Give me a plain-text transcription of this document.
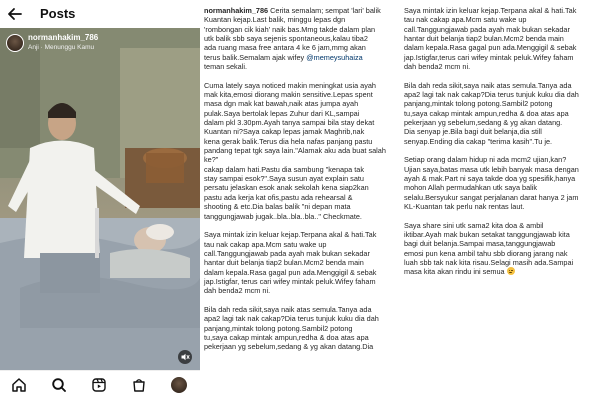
Posts
normanhakim_786
Anji · Menunggu Kamu

normanhakim_786 Cerita semalam; sempat 'lari' balik
Kuantan kejap.Last balik, minggu lepas dgn
'rombongan cik kiah' naik bas.Mmg takde dalam plan
utk balik sbb saya sejenis spontaneous,kalau tiba2
ada ruang masa free antara 4 ke 6 jam,mmg akan
terus balik.Semalam ajak wifey @memeysuhaiza
teman sekali.

Cuma lately saya noticed makin meningkat usia ayah
mak kita,emosi diorang makin sensitive.Lepas spent
masa dgn mak kat bawah,naik atas jumpa ayah
pulak.Saya bertolak lepas Zuhur dari KL,sampai
dalam pkl 3.30pm.Ayah tanya sampai bila stay dekat
Kuantan ni?Saya cakap lepas jamak Maghrib,nak
kena gerak balik.Terus dia hela nafas panjang pastu
pandang tepat tgk saya lain."Alamak aku ada buat salah ke?"
cakap dalam hati.Pastu dia sambung "kenapa tak
stay sampai esok?".Saya susun ayat explain satu
persatu jelaskan esok anak sekolah kena siap2kan
pastu ada kerja kat ofis,pastu ada rehearsal &
shooting & etc.Dia balas balik "ni depan mata
tanggungjawab jugak..bla..bla..bla.." Checkmate.

Saya mintak izin keluar kejap.Terpana akal & hati.Tak
tau nak cakap apa.Mcm satu wake up
call.Tanggungjawab pada ayah mak bukan sekadar
hantar duit belanja tiap2 bulan.Mcm2 benda main
dalam kepala.Rasa gagal pun ada.Menggigil & sebak
jap.Istigfar, terus cari wifey mintak peluk.Wifey faham
dah benda2 mcm ni.

Bila dah reda sikit,saya naik atas semula.Tanya ada
apa2 lagi tak nak cakap?Dia terus tunjuk kuku dia dah
panjang,mintak tolong potong.Sambil2 potong
tu,saya cakap mintak ampun,redha & doa atas apa
pekerjaan yg sebelum,sedang & yg akan datang.Dia

Saya mintak izin keluar kejap.Terpana akal & hati.Tak
tau nak cakap apa.Mcm satu wake up
call.Tanggungjawab pada ayah mak bukan sekadar
hantar duit belanja tiap2 bulan.Mcm2 benda main
dalam kepala.Rasa gagal pun ada.Menggigil & sebak
jap.Istigfar,terus cari wifey mintak peluk.Wifey faham
dah benda2 mcm ni.

Bila dah reda sikit,saya naik atas semula.Tanya ada
apa2 lagi tak nak cakap?Dia terus tunjuk kuku dia dah
panjang,mintak tolong potong.Sambil2 potong
tu,saya cakap mintak ampun,redha & doa atas apa
pekerjaan yg sebelum,sedang & yg akan datang.
Dia senyap je.Bila bagi duit belanja,dia still
senyap.Ending dia cakap "terima kasih".Tu je.

Setiap orang dalam hidup ni ada mcm2 ujian,kan?
Ujian saya,batas masa utk lebih banyak masa dengan
ayah & mak.Part ni saya takde doa yg spesifik,hanya
mohon Allah permudahkan utk saya balik
selalu.Bersyukur sangat perjalanan darat hanya 2 jam
KL-Kuantan tak perlu nak rentas laut.

Saya share sini utk sama2 kita doa & ambil
iktibar.Ayah mak bukan setakat tanggungjawab kita
bagi duit belanja.Sampai masa,tanggungjawab
emosi pun kena ambil tahu sbb diorang jarang nak
luah sbb tak nak kita risau.Selagi masih ada.Sampai
masa kita akan rindu ini semua
